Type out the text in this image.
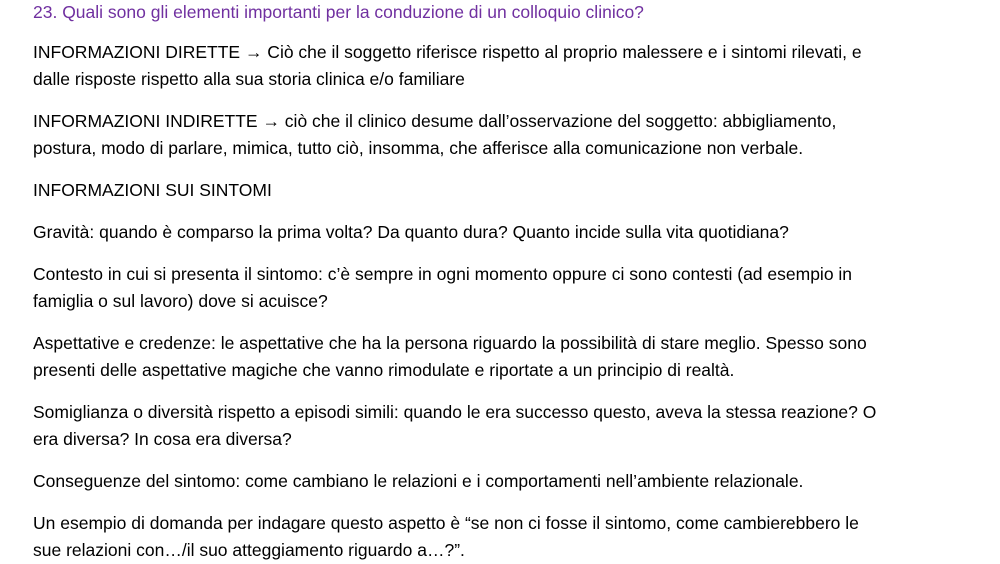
23. Quali sono gli elementi importanti per la conduzione di un colloquio clinico?

INFORMAZIONI DIRETTE → Ciò che il soggetto riferisce rispetto al proprio malessere e i sintomi rilevati, e
dalle risposte rispetto alla sua storia clinica e/o familiare

INFORMAZIONI INDIRETTE → ciò che il clinico desume dall’osservazione del soggetto: abbigliamento,
postura, modo di parlare, mimica, tutto ciò, insomma, che afferisce alla comunicazione non verbale.

INFORMAZIONI SUI SINTOMI

Gravità: quando è comparso la prima volta? Da quanto dura? Quanto incide sulla vita quotidiana?

Contesto in cui si presenta il sintomo: c’è sempre in ogni momento oppure ci sono contesti (ad esempio in
famiglia o sul lavoro) dove si acuisce?

Aspettative e credenze: le aspettative che ha la persona riguardo la possibilità di stare meglio. Spesso sono
presenti delle aspettative magiche che vanno rimodulate e riportate a un principio di realtà.

Somiglianza o diversità rispetto a episodi simili: quando le era successo questo, aveva la stessa reazione? O
era diversa? In cosa era diversa?

Conseguenze del sintomo: come cambiano le relazioni e i comportamenti nell’ambiente relazionale.

Un esempio di domanda per indagare questo aspetto è “se non ci fosse il sintomo, come cambierebbero le
sue relazioni con…/il suo atteggiamento riguardo a…?”.
